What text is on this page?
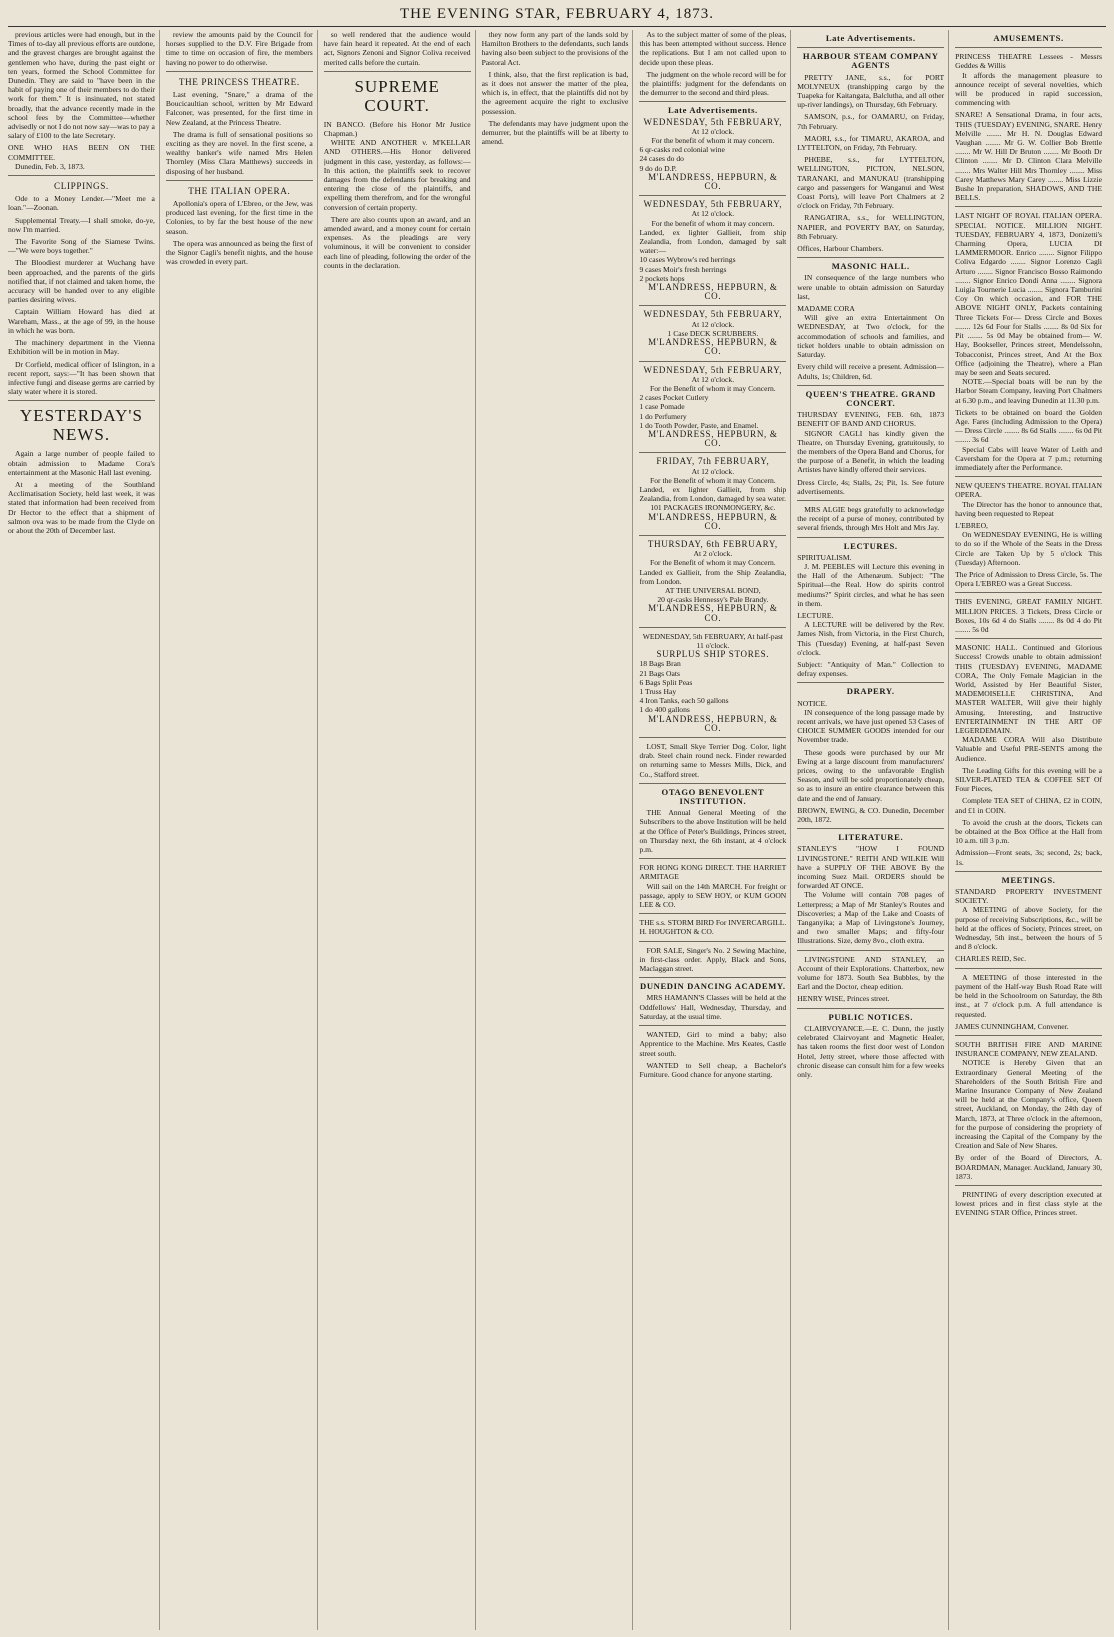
THE EVENING STAR, FEBRUARY 4, 1873.

previous articles were had enough, but in the Times of to-day all previous efforts are outdone, and the gravest charges are brought against the gentlemen who have, during the past eight or ten years, formed the School Committee for Dunedin. They are said to "have been in the habit of paying one of their members to do their work for them." It is insinuated, not stated broadly, that the advance recently made in the school fees by the Committee—whether advisedly or not I do not now say—was to pay a salary of £100 to the late Secretary.

ONE WHO HAS BEEN ON THE COMMITTEE.

Dunedin, Feb. 3, 1873.

CLIPPINGS.

Ode to a Money Lender.—"Meet me a loan."—Zoonan.

Supplemental Treaty.—I shall smoke, do-ye, now I'm married.

The Favorite Song of the Siamese Twins.—"We were boys together."

The Bloodiest murderer at Wuchang have been approached, and the parents of the girls notified that, if not claimed and taken home, the accuracy will be handed over to any eligible parties desiring wives.

Captain William Howard has died at Wareham, Mass., at the age of 99, in the house in which he was born.

The machinery department in the Vienna Exhibition will be in motion in May.

Dr Corfield, medical officer of Islington, in a recent report, says:—"It has been shown that infective fungi and disease germs are carried by slaty water where it is stored.

YESTERDAY'S NEWS.

Again a large number of people failed to obtain admission to Madame Cora's entertainment at the Masonic Hall last evening.

At a meeting of the Southland Acclimatisation Society, held last week, it was stated that information had been received from Dr Hector to the effect that a shipment of salmon ova was to be made from the Clyde on or about the 20th of December last.

review the amounts paid by the Council for horses supplied to the D.V. Fire Brigade from time to time on occasion of fire, the members having no power to do otherwise.

THE PRINCESS THEATRE.

Last evening, "Snare," a drama of the Boucicaultian school, written by Mr Edward Falconer, was presented, for the first time in New Zealand, at the Princess Theatre.

The drama is full of sensational positions so exciting as they are novel. In the first scene, a wealthy banker's wife named Mrs Helen Thornley (Miss Clara Matthews) succeeds in disposing of her husband.

THE ITALIAN OPERA.

Apollonia's opera of L'Ebreo, or the Jew, was produced last evening, for the first time in the Colonies, to by far the best house of the new season.

The opera was announced as being the first of the Signor Cagli's benefit nights, and the house was crowded in every part.

so well rendered that the audience would have fain heard it repeated. At the end of each act, Signors Zenoni and Signor Coliva received merited calls before the curtain.

SUPREME COURT.
IN BANCO. (Before his Honor Mr Justice Chapman.)

WHITE AND ANOTHER v. M'KELLAR AND OTHERS.—His Honor delivered judgment in this case, yesterday, as follows:—In this action, the plaintiffs seek to recover damages from the defendants for breaking and entering the close of the plaintiffs, and expelling them therefrom, and for the wrongful conversion of certain property.

There are also counts upon an award, and an amended award, and a money count for certain expenses. As the pleadings are very voluminous, it will be convenient to consider each line of pleading, following the order of the counts in the declaration.

they now form any part of the lands sold by Hamilton Brothers to the defendants, such lands having also been subject to the provisions of the Pastoral Act.

I think, also, that the first replication is bad, as it does not answer the matter of the plea, which is, in effect, that the plaintiffs did not by the agreement acquire the right to exclusive possession.

The defendants may have judgment upon the demurrer, but the plaintiffs will be at liberty to amend.

As to the subject matter of some of the pleas, this has been attempted without success. Hence the replications. But I am not called upon to decide upon these pleas.

The judgment on the whole record will be for the plaintiffs: judgment for the defendants on the demurrer to the second and third pleas.

Late Advertisements.
WEDNESDAY, 5th FEBRUARY,
At 12 o'clock.
For the benefit of whom it may concern.
6 qr-casks red colonial wine
24 cases do do
9 do do D.P.
M'LANDRESS, HEPBURN, & CO.
WEDNESDAY, 5th FEBRUARY,
At 12 o'clock.
For the benefit of whom it may concern.
Landed, ex lighter Gallieit, from ship Zealandia, from London, damaged by salt water:—
10 cases Wybrow's red herrings
9 cases Moir's fresh herrings
2 pockets hops
M'LANDRESS, HEPBURN, & CO.
WEDNESDAY, 5th FEBRUARY,
At 12 o'clock.
1 Case DECK SCRUBBERS.
M'LANDRESS, HEPBURN, & CO.
WEDNESDAY, 5th FEBRUARY,
At 12 o'clock.
For the Benefit of whom it may Concern.
2 cases Pocket Cutlery
1 case Pomade
1 do Perfumery
1 do Tooth Powder, Paste, and Enamel.
M'LANDRESS, HEPBURN, & CO.
FRIDAY, 7th FEBRUARY,
At 12 o'clock.
For the Benefit of whom it may Concern.
Landed, ex lighter Gallieit, from ship Zealandia, from London, damaged by sea water.
101 PACKAGES IRONMONGERY, &c.
M'LANDRESS, HEPBURN, & CO.
THURSDAY, 6th FEBRUARY,
At 2 o'clock.
For the Benefit of whom it may Concern.
Landed ex Gallieit, from the Ship Zealandia, from London.
AT THE UNIVERSAL BOND,
20 qr-casks Hennessy's Pale Brandy.
M'LANDRESS, HEPBURN, & CO.
WEDNESDAY, 5th FEBRUARY, At half-past 11 o'clock.
SURPLUS SHIP STORES.
18 Bags Bran
21 Bags Oats
6 Bags Split Peas
1 Truss Hay
4 Iron Tanks, each 50 gallons
1 do 400 gallons
M'LANDRESS, HEPBURN, & CO.

LOST, Small Skye Terrier Dog. Color, light drab. Steel chain round neck. Finder rewarded on returning same to Messrs Mills, Dick, and Co., Stafford street.

OTAGO BENEVOLENT INSTITUTION.

THE Annual General Meeting of the Subscribers to the above Institution will be held at the Office of Peter's Buildings, Princes street, on Thursday next, the 6th instant, at 4 o'clock p.m.

FOR HONG KONG DIRECT. THE HARRIET ARMITAGE

Will sail on the 14th MARCH. For freight or passage, apply to SEW HOY, or KUM GOON LEE & CO.

THE s.s. STORM BIRD For INVERCARGILL. H. HOUGHTON & CO.

FOR SALE, Singer's No. 2 Sewing Machine, in first-class order. Apply, Black and Sons, Maclaggan street.

DUNEDIN DANCING ACADEMY.

MRS HAMANN'S Classes will be held at the Oddfellows' Hall, Wednesday, Thursday, and Saturday, at the usual time.

WANTED, Girl to mind a baby; also Apprentice to the Machine. Mrs Keates, Castle street south.

WANTED to Sell cheap, a Bachelor's Furniture. Good chance for anyone starting.

Late Advertisements.
HARBOUR STEAM COMPANY AGENTS

PRETTY JANE, s.s., for PORT MOLYNEUX (transhipping cargo by the Tuapeka for Kaitangata, Balclutha, and all other up-river landings), on Thursday, 6th February.

SAMSON, p.s., for OAMARU, on Friday, 7th February.

MAORI, s.s., for TIMARU, AKAROA, and LYTTELTON, on Friday, 7th February.

PHŒBE, s.s., for LYTTELTON, WELLINGTON, PICTON, NELSON, TARANAKI, and MANUKAU (transhipping cargo and passengers for Wanganui and West Coast Ports), will leave Port Chalmers at 2 o'clock on Friday, 7th February.

RANGATIRA, s.s., for WELLINGTON, NAPIER, and POVERTY BAY, on Saturday, 8th February.

Offices, Harbour Chambers.
MASONIC HALL.

IN consequence of the large numbers who were unable to obtain admission on Saturday last,

MADAME CORA

Will give an extra Entertainment On WEDNESDAY, at Two o'clock, for the accommodation of schools and families, and ticket holders unable to obtain admission on Saturday.

Every child will receive a present. Admission—Adults, 1s; Children, 6d.
QUEEN'S THEATRE. GRAND CONCERT.
THURSDAY EVENING, FEB. 6th, 1873 BENEFIT OF BAND AND CHORUS.

SIGNOR CAGLI has kindly given the Theatre, on Thursday Evening, gratuitously, to the members of the Opera Band and Chorus, for the purpose of a Benefit, in which the leading Artistes have kindly offered their services.

Dress Circle, 4s; Stalls, 2s; Pit, 1s. See future advertisements.

MRS ALGIE begs gratefully to acknowledge the receipt of a purse of money, contributed by several friends, through Mrs Holt and Mrs Jay.

LECTURES.
SPIRITUALISM.

J. M. PEEBLES will Lecture this evening in the Hall of the Athenæum. Subject: "The Spiritual—the Real. How do spirits control mediums?" Spirit circles, and what he has seen in them.

LECTURE.

A LECTURE will be delivered by the Rev. James Nish, from Victoria, in the First Church, This (Tuesday) Evening, at half-past Seven o'clock.

Subject: "Antiquity of Man." Collection to defray expenses.
DRAPERY.
NOTICE.

IN consequence of the long passage made by recent arrivals, we have just opened 53 Cases of CHOICE SUMMER GOODS intended for our November trade.

These goods were purchased by our Mr Ewing at a large discount from manufacturers' prices, owing to the unfavorable English Season, and will be sold proportionately cheap, so as to insure an entire clearance between this date and the end of January.

BROWN, EWING, & CO. Dunedin, December 20th, 1872.
LITERATURE.
STANLEY'S	"HOW I FOUND LIVINGSTONE." REITH AND WILKIE Will have a SUPPLY OF THE ABOVE By the incoming Suez Mail. ORDERS should be forwarded AT ONCE.

The Volume will contain 708 pages of Letterpress; a Map of Mr Stanley's Routes and Discoveries; a Map of the Lake and Coasts of Tanganyika; a Map of Livingstone's Journey, and two smaller Maps; and fifty-four Illustrations. Size, demy 8vo., cloth extra.

LIVINGSTONE AND STANLEY, an Account of their Explorations. Chatterbox, new volume for 1873. South Sea Bubbles, by the Earl and the Doctor, cheap edition.

HENRY WISE, Princes street.
PUBLIC NOTICES.

CLAIRVOYANCE.—E. C. Dunn, the justly celebrated Clairvoyant and Magnetic Healer, has taken rooms the first door west of London Hotel, Jetty street, where those affected with chronic disease can consult him for a few weeks only.

AMUSEMENTS.
PRINCESS THEATRE Lessees - Messrs Geddes & Willis

It affords the management pleasure to announce receipt of several novelties, which will be produced in rapid succession, commencing with

SNARE! A Sensational Drama, in four acts, THIS (TUESDAY) EVENING, SNARE. Henry Melville ........ Mr H. N. Douglas Edward Vaughan ........ Mr G. W. Collier Bob Brettle ........ Mr W. Hill Dr Bruton ........ Mr Booth Dr Clinton ........ Mr D. Clinton Clara Melville ........ Mrs Walter Hill Mrs Thornley ........ Miss Carey Matthews Mary Carey ........ Miss Lizzie Bushe In preparation, SHADOWS, AND THE BELLS.
LAST NIGHT OF ROYAL ITALIAN OPERA. SPECIAL NOTICE. MILLION NIGHT. TUESDAY, FEBRUARY 4, 1873, Donizetti's Charming Opera,	LUCIA DI LAMMERMOOR. Enrico ........ Signor Filippo Coliva Edgardo ........ Signor Lorenzo Cagli Arturo ........ Signor Francisco Bosso Raimondo ........ Signor Enrico Dondi Anna ........ Signora Luigia Tournerie Lucia ........ Signora Tamburini Coy On which occasion, and FOR THE ABOVE NIGHT ONLY, Packets containing Three Tickets For— Dress Circle and Boxes ........ 12s 6d Four for Stalls ........ 8s 0d Six for Pit ........ 5s 0d May be obtained from— W. Hay, Bookseller, Princes street, Mendelssohn, Tobacconist, Princes street, And At the Box Office (adjoining the Theatre), where a Plan may be seen and Seats secured.

NOTE.—Special boats will be run by the Harbor Steam Company, leaving Port Chalmers at 6.30 p.m., and leaving Dunedin at 11.30 p.m.

Tickets to be obtained on board the Golden Age. Fares (including Admission to the Opera)— Dress Circle ........ 8s 6d Stalls ........ 6s 0d Pit ........ 3s 6d

Special Cabs will leave Water of Leith and Caversham for the Opera at 7 p.m.; returning immediately after the Performance.

NEW QUEEN'S THEATRE. ROYAL ITALIAN OPERA.

The Director has the honor to announce that, having been requested to Repeat

L'EBREO,

On WEDNESDAY EVENING, He is willing to do so if the Whole of the Seats in the Dress Circle are Taken Up by 5 o'clock This (Tuesday) Afternoon.

The Price of Admission to Dress Circle, 5s. The Opera L'EBREO was a Great Success.
THIS EVENING, GREAT FAMILY NIGHT. MILLION PRICES. 3 Tickets, Dress Circle or Boxes, 10s 6d 4 do Stalls ........ 8s 0d 4 do Pit ........ 5s 0d
MASONIC HALL. Continued and Glorious Success! Crowds unable to obtain admission! THIS (TUESDAY) EVENING, MADAME CORA, The Only Female Magician in the World, Assisted by Her Beautiful Sister, MADEMOISELLE CHRISTINA, And MASTER WALTER, Will give their highly Amusing, Interesting, and Instructive ENTERTAINMENT IN THE ART OF LEGERDEMAIN.

MADAME CORA Will also Distribute Valuable and Useful PRE-SENTS among the Audience.

The Leading Gifts for this evening will be a SILVER-PLATED TEA & COFFEE SET Of Four Pieces,

Complete TEA SET of CHINA, £2 in COIN, and £1 in COIN.

To avoid the crush at the doors, Tickets can be obtained at the Box Office at the Hall from 10 a.m. till 3 p.m.

Admission—Front seats, 3s; second, 2s; back, 1s.
MEETINGS.
STANDARD PROPERTY INVESTMENT SOCIETY.

A MEETING of above Society, for the purpose of receiving Subscriptions, &c., will be held at the offices of Society, Princes street, on Wednesday, 5th inst., between the hours of 5 and 8 o'clock.

CHARLES REID, Sec.

A MEETING of those interested in the payment of the Half-way Bush Road Rate will be held in the Schoolroom on Saturday, the 8th inst., at 7 o'clock p.m. A full attendance is requested.

JAMES CUNNINGHAM, Convener.
SOUTH BRITISH FIRE AND MARINE INSURANCE COMPANY, NEW ZEALAND.

NOTICE is Hereby Given that an Extraordinary General Meeting of the Shareholders of the South British Fire and Marine Insurance Company of New Zealand will be held at the Company's office, Queen street, Auckland, on Monday, the 24th day of March, 1873, at Three o'clock in the afternoon, for the purpose of considering the propriety of increasing the Capital of the Company by the Creation and Sale of New Shares.

By order of the Board of Directors, A. BOARDMAN, Manager. Auckland, January 30, 1873.

PRINTING of every description executed at lowest prices and in first class style at the EVENING STAR Office, Princes street.
